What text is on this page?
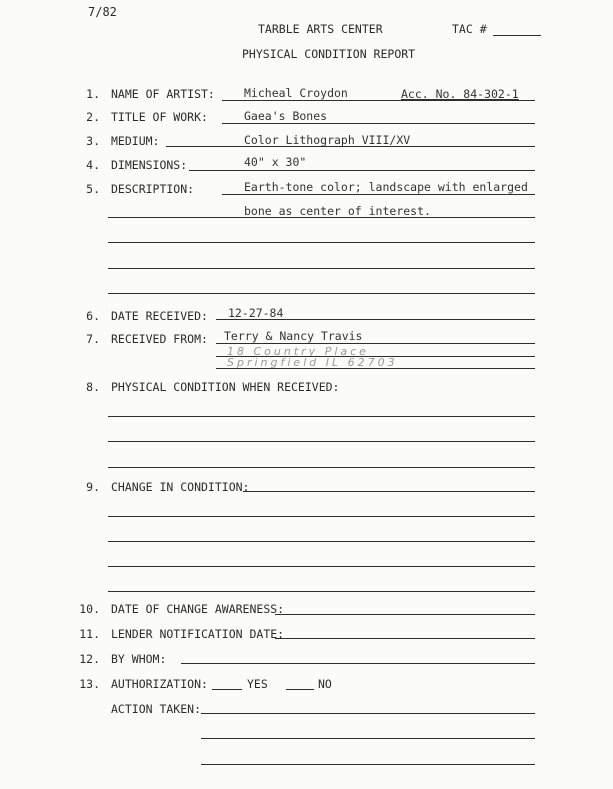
7/82
TARBLE ARTS CENTER	TAC #
PHYSICAL CONDITION REPORT
1. NAME OF ARTIST:	Micheal Croydon	Acc. No. 84-302-1
2. TITLE OF WORK:	Gaea's Bones
3. MEDIUM:	Color Lithograph VIII/XV
4. DIMENSIONS:	40" x 30"
5. DESCRIPTION:	Earth-tone color; landscape with enlarged
bone as center of interest.
6. DATE RECEIVED: 12-27-84
7. RECEIVED FROM: Terry & Nancy Travis
18 Country Place
Springfield IL 62703
8. PHYSICAL CONDITION WHEN RECEIVED:
9. CHANGE IN CONDITION:
10. DATE OF CHANGE AWARENESS:
11. LENDER NOTIFICATION DATE:
12. BY WHOM:
13. AUTHORIZATION:	YES	NO
ACTION TAKEN:
